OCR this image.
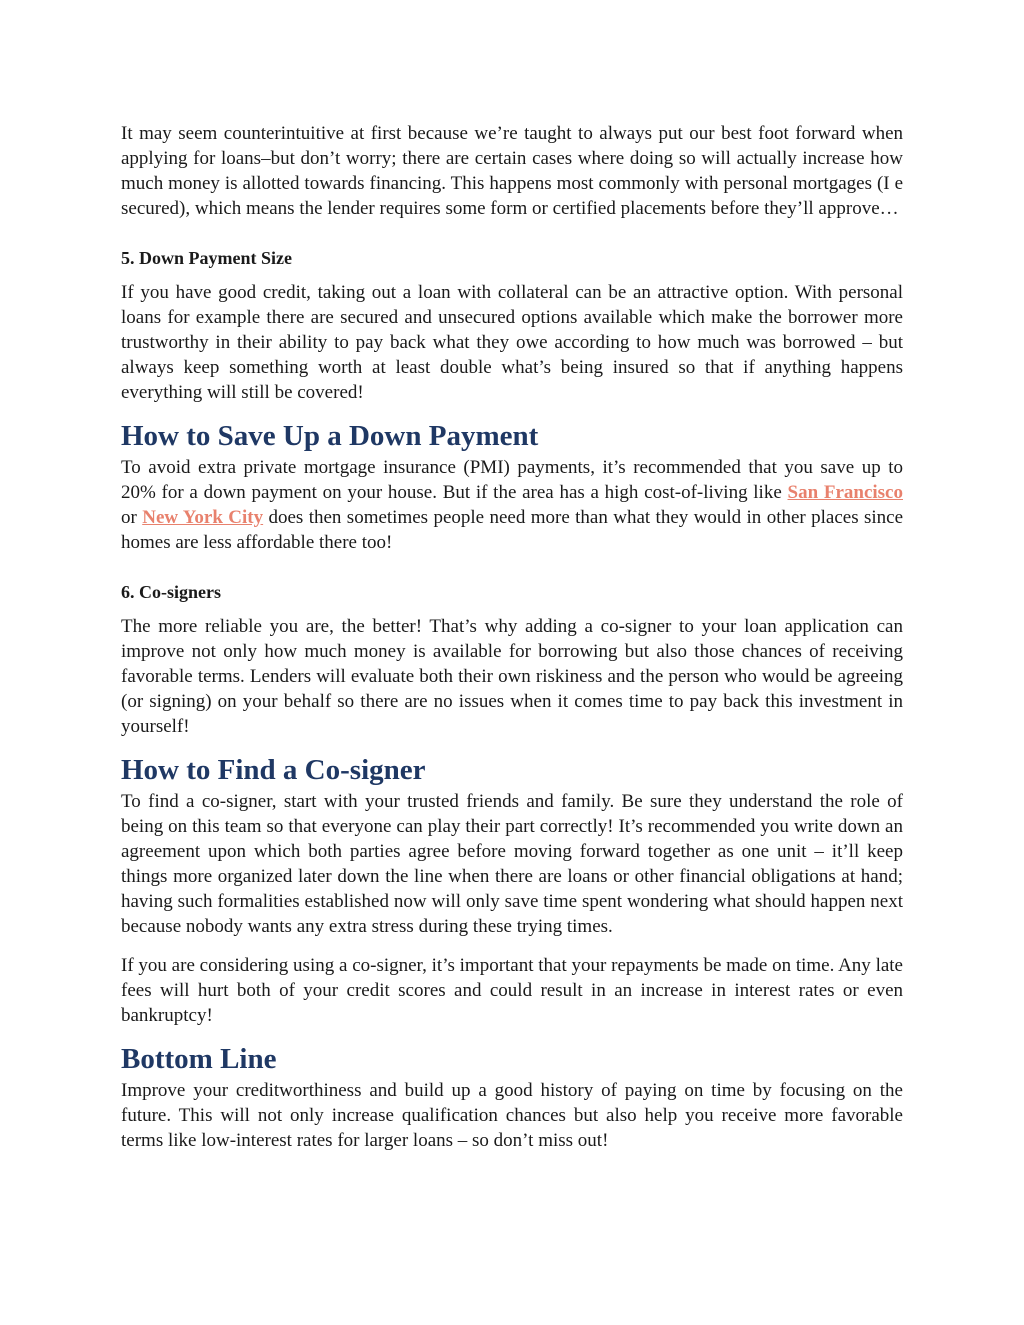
It may seem counterintuitive at first because we’re taught to always put our best foot forward when applying for loans–but don’t worry; there are certain cases where doing so will actually increase how much money is allotted towards financing. This happens most commonly with personal mortgages (I e secured), which means the lender requires some form or certified placements before they’ll approve…

5. Down Payment Size

If you have good credit, taking out a loan with collateral can be an attractive option. With personal loans for example there are secured and unsecured options available which make the borrower more trustworthy in their ability to pay back what they owe according to how much was borrowed – but always keep something worth at least double what’s being insured so that if anything happens everything will still be covered!

How to Save Up a Down Payment

To avoid extra private mortgage insurance (PMI) payments, it’s recommended that you save up to 20% for a down payment on your house. But if the area has a high cost-of-living like San Francisco or New York City does then sometimes people need more than what they would in other places since homes are less affordable there too!

6. Co-signers

The more reliable you are, the better! That’s why adding a co-signer to your loan application can improve not only how much money is available for borrowing but also those chances of receiving favorable terms. Lenders will evaluate both their own riskiness and the person who would be agreeing (or signing) on your behalf so there are no issues when it comes time to pay back this investment in yourself!

How to Find a Co-signer

To find a co-signer, start with your trusted friends and family. Be sure they understand the role of being on this team so that everyone can play their part correctly! It’s recommended you write down an agreement upon which both parties agree before moving forward together as one unit – it’ll keep things more organized later down the line when there are loans or other financial obligations at hand; having such formalities established now will only save time spent wondering what should happen next because nobody wants any extra stress during these trying times.

If you are considering using a co-signer, it’s important that your repayments be made on time. Any late fees will hurt both of your credit scores and could result in an increase in interest rates or even bankruptcy!

Bottom Line

Improve your creditworthiness and build up a good history of paying on time by focusing on the future. This will not only increase qualification chances but also help you receive more favorable terms like low-interest rates for larger loans – so don’t miss out!
